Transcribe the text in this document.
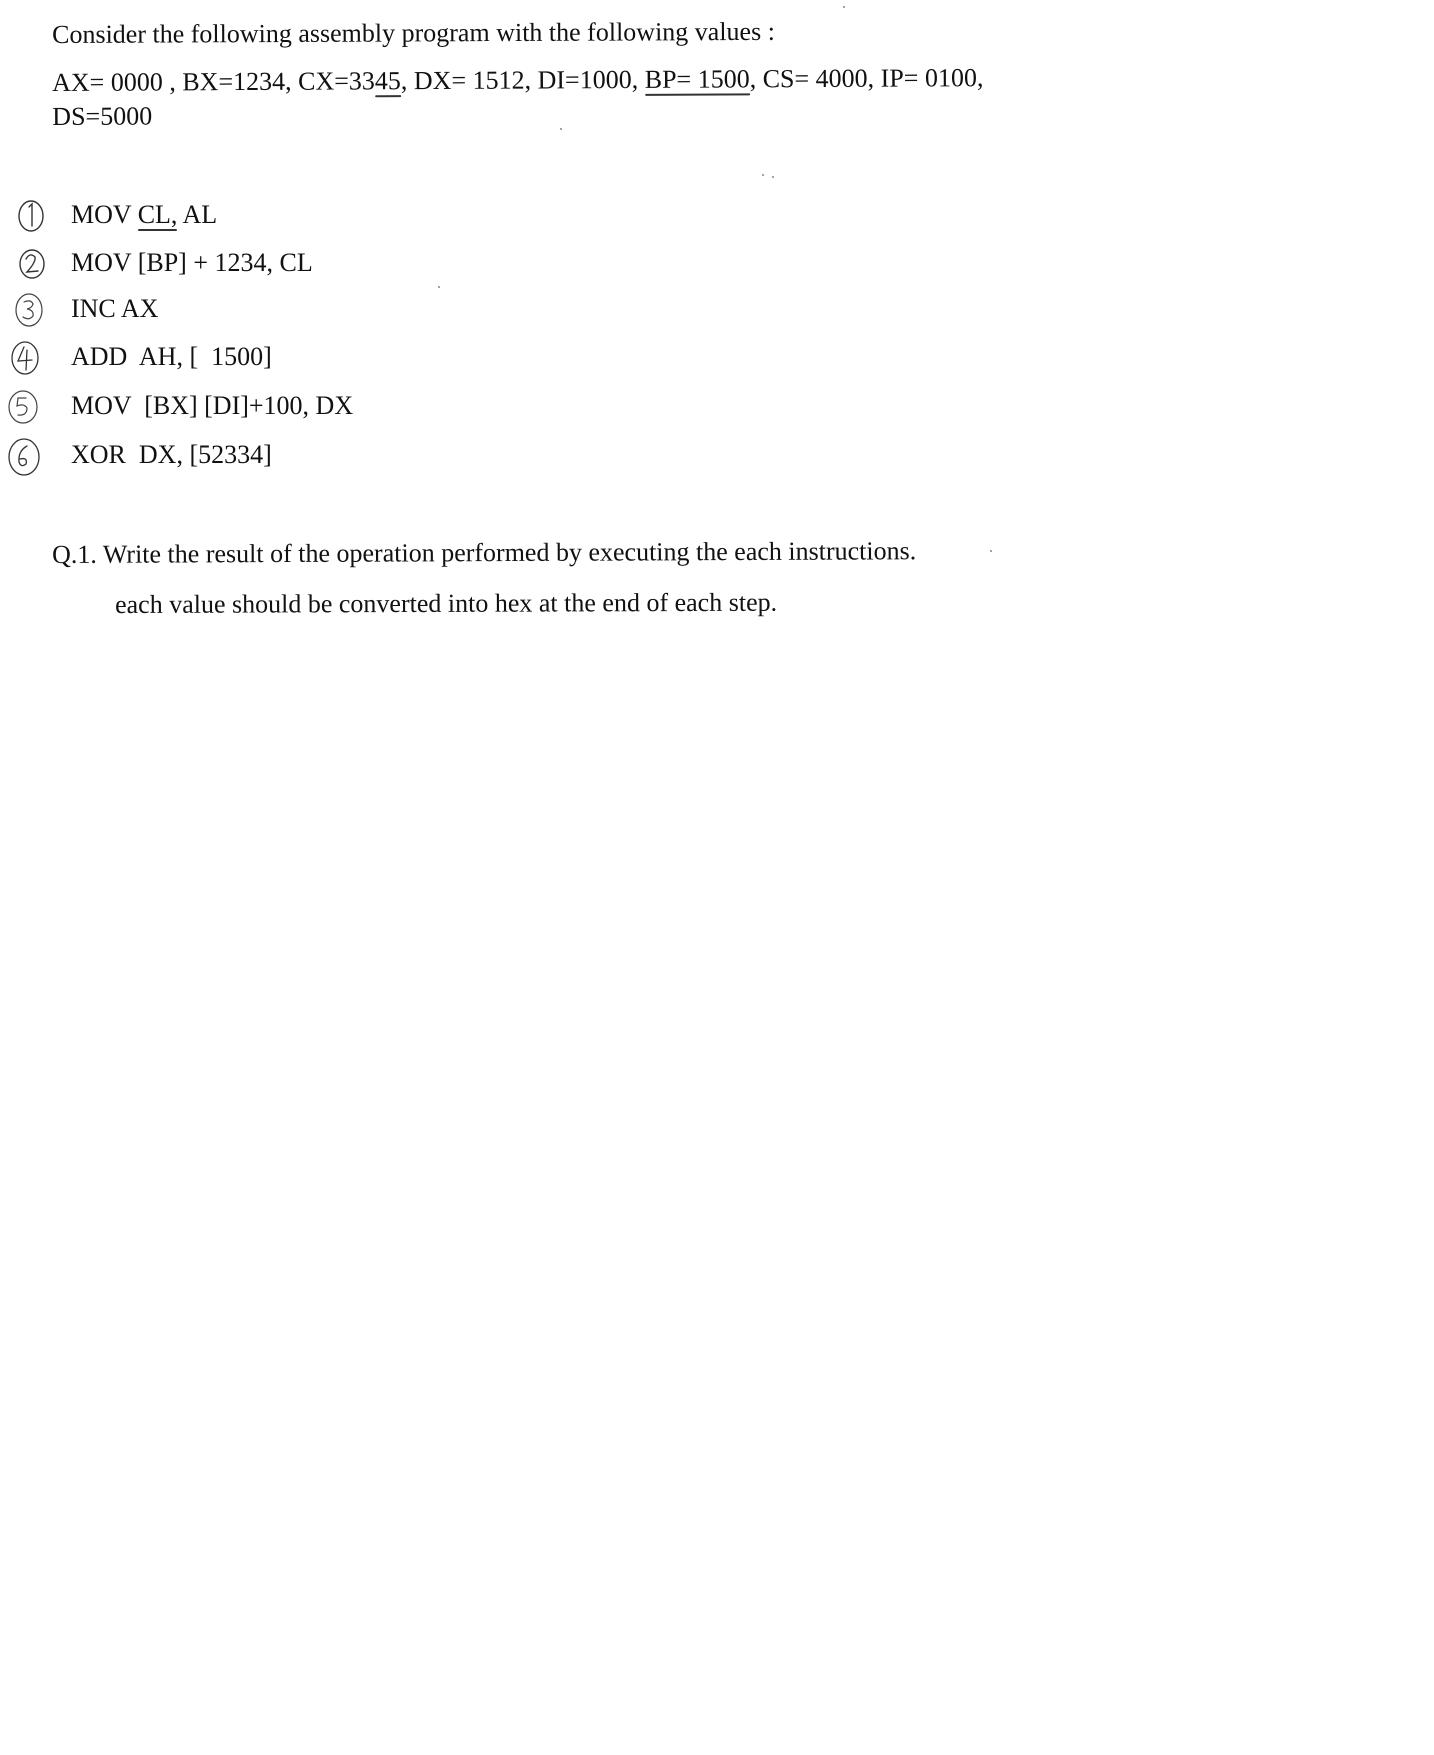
Consider the following assembly program with the following values :
AX= 0000 , BX=1234, CX=3345, DX= 1512, DI=1000, BP= 1500, CS= 4000, IP= 0100,
DS=5000
MOV CL, AL
MOV [BP] + 1234, CL
INC AX
ADD  AH, [  1500]
MOV  [BX] [DI]+100, DX
XOR  DX, [52334]
Q.1. Write the result of the operation performed by executing the each instructions.
each value should be converted into hex at the end of each step.
